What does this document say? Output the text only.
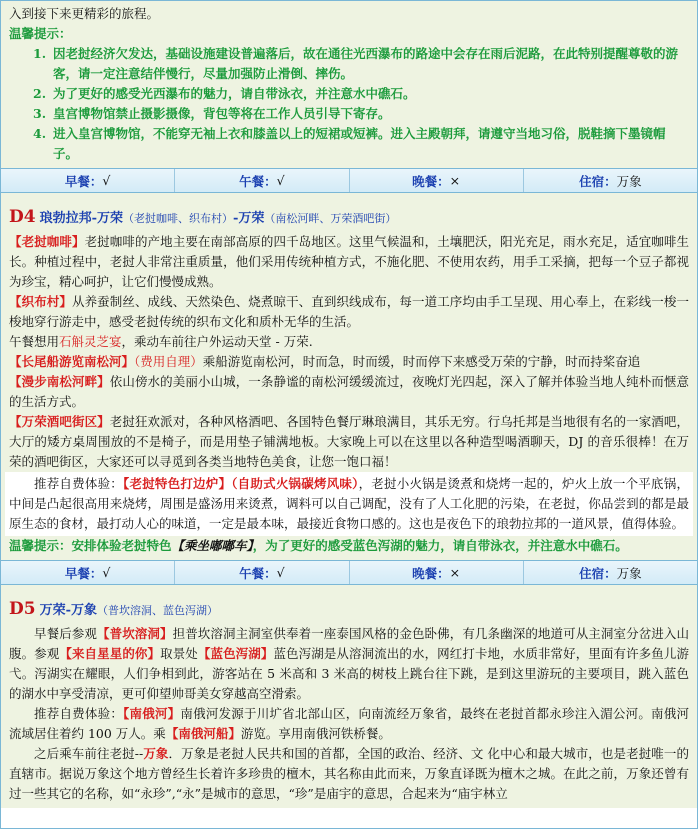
入到接下来更精彩的旅程。
温馨提示：
1. 因老挝经济欠发达，基础设施建设普遍落后，故在通往光西瀑布的路途中会存在雨后泥路，在此特别提醒尊敬的游客，请一定注意结伴慢行，尽量加强防止滑倒、摔伤。
2. 为了更好的感受光西瀑布的魅力，请自带泳衣，并注意水中礁石。
3. 皇宫博物馆禁止摄影摄像，背包等将在工作人员引导下寄存。
4. 进入皇宫博物馆，不能穿无袖上衣和膝盖以上的短裙或短裤。进入主殿朝拜，请遵守当地习俗，脱鞋摘下墨镜帽子。
早餐： √	午餐： √	晚餐： ×	住宿： 万象
D4 琅勃拉邦-万荣（老挝咖啡、织布村）-万荣（南松河畔、万荣酒吧街）
【老挝咖啡】老挝咖啡的产地主要在南部高原的四千岛地区。这里气候温和，土壤肥沃，阳光充足，雨水充足，适宜咖啡生长。种植过程中，老挝人非常注重质量，他们采用传统种植方式，不施化肥、不使用农药，用手工采摘，把每一个豆子都视为珍宝，精心呵护，让它们慢慢成熟。
【织布村】从养蚕制丝、成线、天然染色、烧煮晾干、直到织线成布，每一道工序均由手工呈现、用心奉上，在彩线一梭一梭地穿行游走中，感受老挝传统的织布文化和质朴无华的生活。
午餐想用石斛灵芝宴，乘动车前往户外运动天堂 - 万荣.
【长尾船游览南松河】（费用自理）乘船游览南松河，时而急，时而缓，时而停下来感受万荣的宁静，时而持桨奋追
【漫步南松河畔】依山傍水的美丽小山城，一条静谧的南松河缓缓流过，夜晚灯光四起，深入了解并体验当地人纯朴而惬意的生活方式。
【万荣酒吧街区】老挝狂欢派对，各种风格酒吧、各国特色餐厅琳琅满目，其乐无穷。行乌托邦是当地很有名的一家酒吧，大厅的矮方桌周围放的不是椅子，而是用垫子铺满地板。大家晚上可以在这里以各种造型喝酒聊天，DJ 的音乐很棒！在万荣的酒吧街区，大家还可以寻觅到各类当地特色美食，让您一饱口福！
推荐自费体验：【老挝特色打边炉】（自助式火锅碳烤风味），老挝小火锅是烫煮和烧烤一起的，炉火上放一个平底锅，中间是凸起很高用来烧烤，周围是盛汤用来烫煮，调料可以自己调配，没有了人工化肥的污染，在老挝，你品尝到的都是最原生态的食材，最打动人心的味道，一定是最本味，最接近食物口感的。这也是夜色下的琅勃拉邦的一道风景，值得体验。
温馨提示：安排体验老挝特色【乘坐嘟嘟车】，为了更好的感受蓝色泻湖的魅力，请自带泳衣，并注意水中礁石。
早餐： √	午餐： √	晚餐： ×	住宿： 万象
D5 万荣-万象（普坎溶洞、蓝色泻湖）
早餐后参观【普坎溶洞】担普坎溶洞主洞室供奉着一座泰国风格的金色卧佛，有几条幽深的地道可从主洞室分岔进入山腹。参观【来自星星的你】取景处【蓝色泻湖】蓝色泻湖是从溶洞流出的水，网红打卡地，水质非常好，里面有许多鱼儿游弋。泻湖实在耀眼，人们争相到此，游客站在 5 米高和 3 米高的树枝上跳台往下跳，是到这里游玩的主要项目，跳入蓝色的湖水中享受清凉，更可仰望帅哥美女穿越高空滑索。
推荐自费体验：【南俄河】南俄河发源于川圹省北部山区，向南流经万象省，最终在老挝首都永珍注入湄公河。南俄河流域居住着约 100 万人。乘【南俄河船】游览。享用南俄河铁桥餐。
之后乘车前往老挝--万象．万象是老挝人民共和国的首都，全国的政治、经济、文 化中心和最大城市，也是老挝唯一的直辖市。据说万象这个地方曾经生长着许多珍贵的檀木，其名称由此而来，万象直译既为檀木之城。在此之前，万象还曾有过一些其它的名称，如“永珍”,“永”是城市的意思，“珍”是庙宇的意思，合起来为“庙宇林立
